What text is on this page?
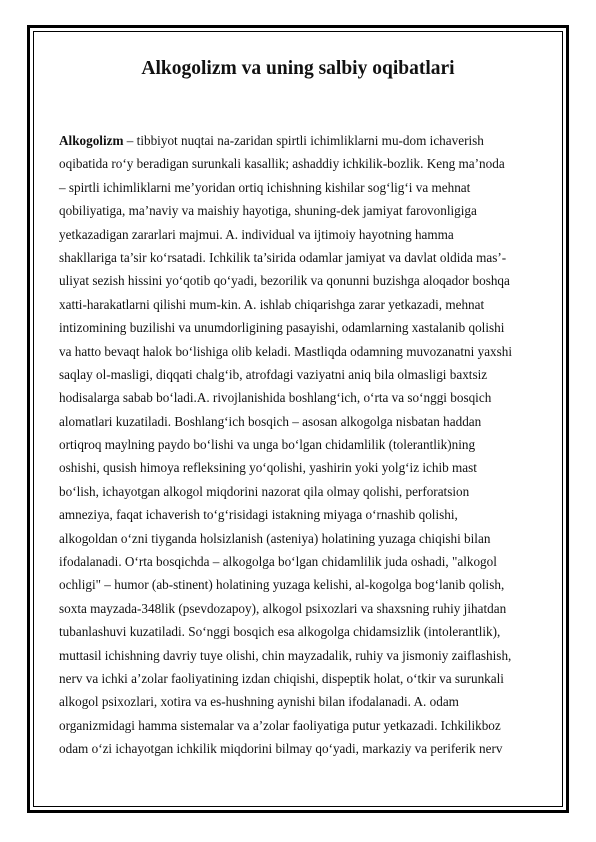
Alkogolizm va uning salbiy oqibatlari
Alkogolizm – tibbiyot nuqtai na-zaridan spirtli ichimliklarni mu-dom ichaverish
oqibatida ro‘y beradigan surunkali kasallik; ashaddiy ichkilik-bozlik. Keng ma’noda
– spirtli ichimliklarni me’yoridan ortiq ichishning kishilar sog‘lig‘i va mehnat
qobiliyatiga, ma’naviy va maishiy hayotiga, shuning-dek jamiyat farovonligiga
yetkazadigan zararlari majmui. A. individual va ijtimoiy hayotning hamma
shakllariga ta’sir ko‘rsatadi. Ichkilik ta’sirida odamlar jamiyat va davlat oldida mas’-
uliyat sezish hissini yo‘qotib qo‘yadi, bezorilik va qonunni buzishga aloqador boshqa
xatti-harakatlarni qilishi mum-kin. A. ishlab chiqarishga zarar yetkazadi, mehnat
intizomining buzilishi va unumdorligining pasayishi, odamlarning xastalanib qolishi
va hatto bevaqt halok bo‘lishiga olib keladi. Mastliqda odamning muvozanatni yaxshi
saqlay ol-masligi, diqqati chalg‘ib, atrofdagi vaziyatni aniq bila olmasligi baxtsiz
hodisalarga sabab bo‘ladi.A. rivojlanishida boshlang‘ich, o‘rta va so‘nggi bosqich
alomatlari kuzatiladi. Boshlang‘ich bosqich – asosan alkogolga nisbatan haddan
ortiqroq maylning paydo bo‘lishi va unga bo‘lgan chidamlilik (tolerantlik)ning
oshishi, qusish himoya refleksining yo‘qolishi, yashirin yoki yolg‘iz ichib mast
bo‘lish, ichayotgan alkogol miqdorini nazorat qila olmay qolishi, perforatsion
amneziya, faqat ichaverish to‘g‘risidagi istakning miyaga o‘rnashib qolishi,
alkogoldan o‘zni tiyganda holsizlanish (asteniya) holatining yuzaga chiqishi bilan
ifodalanadi. O‘rta bosqichda – alkogolga bo‘lgan chidamlilik juda oshadi, "alkogol
ochligi" – humor (ab-stinent) holatining yuzaga kelishi, al-kogolga bog‘lanib qolish,
soxta mayzada-348lik (psevdozapoy), alkogol psixozlari va shaxsning ruhiy jihatdan
tubanlashuvi kuzatiladi. So‘nggi bosqich esa alkogolga chidamsizlik (intolerantlik),
muttasil ichishning davriy tuye olishi, chin mayzadalik, ruhiy va jismoniy zaiflashish,
nerv va ichki a’zolar faoliyatining izdan chiqishi, dispeptik holat, o‘tkir va surunkali
alkogol psixozlari, xotira va es-hushning aynishi bilan ifodalanadi. A. odam
organizmidagi hamma sistemalar va a’zolar faoliyatiga putur yetkazadi. Ichkilikboz
odam o‘zi ichayotgan ichkilik miqdorini bilmay qo‘yadi, markaziy va periferik nerv
